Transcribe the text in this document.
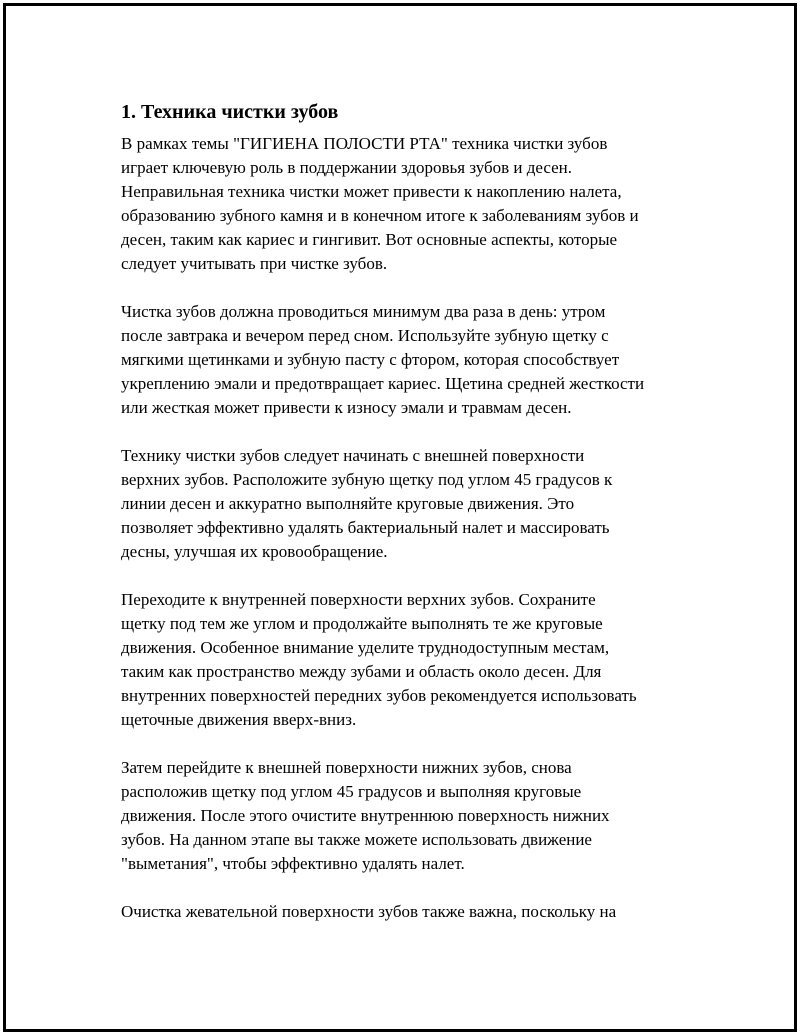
1. Техника чистки зубов

В рамках темы "ГИГИЕНА ПОЛОСТИ РТА" техника чистки зубов
играет ключевую роль в поддержании здоровья зубов и десен.
Неправильная техника чистки может привести к накоплению налета,
образованию зубного камня и в конечном итоге к заболеваниям зубов и
десен, таким как кариес и гингивит. Вот основные аспекты, которые
следует учитывать при чистке зубов.

Чистка зубов должна проводиться минимум два раза в день: утром
после завтрака и вечером перед сном. Используйте зубную щетку с
мягкими щетинками и зубную пасту с фтором, которая способствует
укреплению эмали и предотвращает кариес. Щетина средней жесткости
или жесткая может привести к износу эмали и травмам десен.

Технику чистки зубов следует начинать с внешней поверхности
верхних зубов. Расположите зубную щетку под углом 45 градусов к
линии десен и аккуратно выполняйте круговые движения. Это
позволяет эффективно удалять бактериальный налет и массировать
десны, улучшая их кровообращение.

Переходите к внутренней поверхности верхних зубов. Сохраните
щетку под тем же углом и продолжайте выполнять те же круговые
движения. Особенное внимание уделите труднодоступным местам,
таким как пространство между зубами и область около десен. Для
внутренних поверхностей передних зубов рекомендуется использовать
щеточные движения вверх-вниз.

Затем перейдите к внешней поверхности нижних зубов, снова
расположив щетку под углом 45 градусов и выполняя круговые
движения. После этого очистите внутреннюю поверхность нижних
зубов. На данном этапе вы также можете использовать движение
"выметания", чтобы эффективно удалять налет.

Очистка жевательной поверхности зубов также важна, поскольку на
